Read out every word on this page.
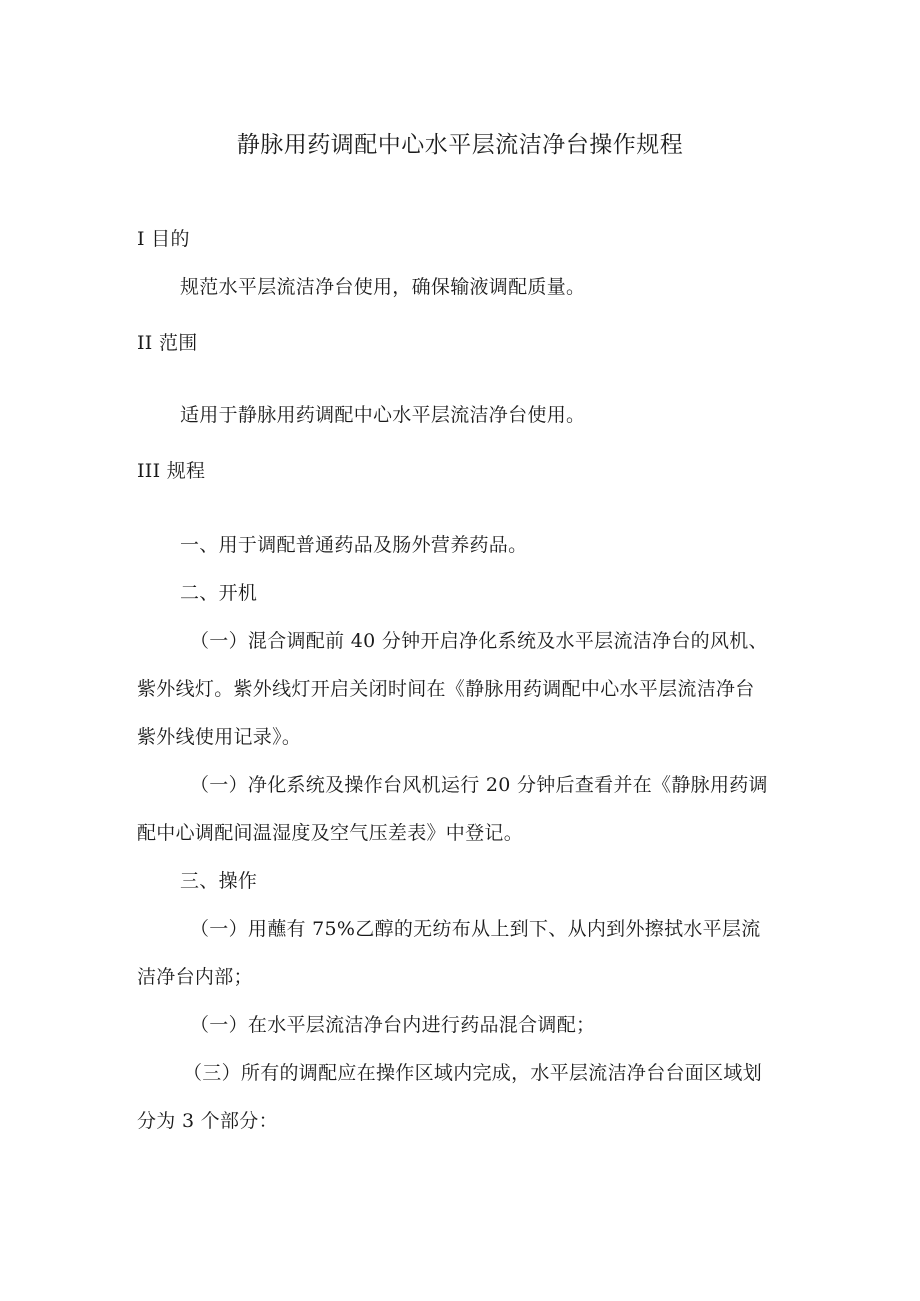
静脉用药调配中心水平层流洁净台操作规程

I 目的

规范水平层流洁净台使用，确保输液调配质量。

II 范围

适用于静脉用药调配中心水平层流洁净台使用。

III 规程

一、用于调配普通药品及肠外营养药品。

二、开机

（一）混合调配前 40 分钟开启净化系统及水平层流洁净台的风机、

紫外线灯。紫外线灯开启关闭时间在《静脉用药调配中心水平层流洁净台

紫外线使用记录》。

（一）净化系统及操作台风机运行 20 分钟后查看并在《静脉用药调

配中心调配间温湿度及空气压差表》中登记。

三、操作

（一）用蘸有 75%乙醇的无纺布从上到下、从内到外擦拭水平层流

洁净台内部；

（一）在水平层流洁净台内进行药品混合调配；

（三）所有的调配应在操作区域内完成，水平层流洁净台台面区域划

分为 3 个部分：
